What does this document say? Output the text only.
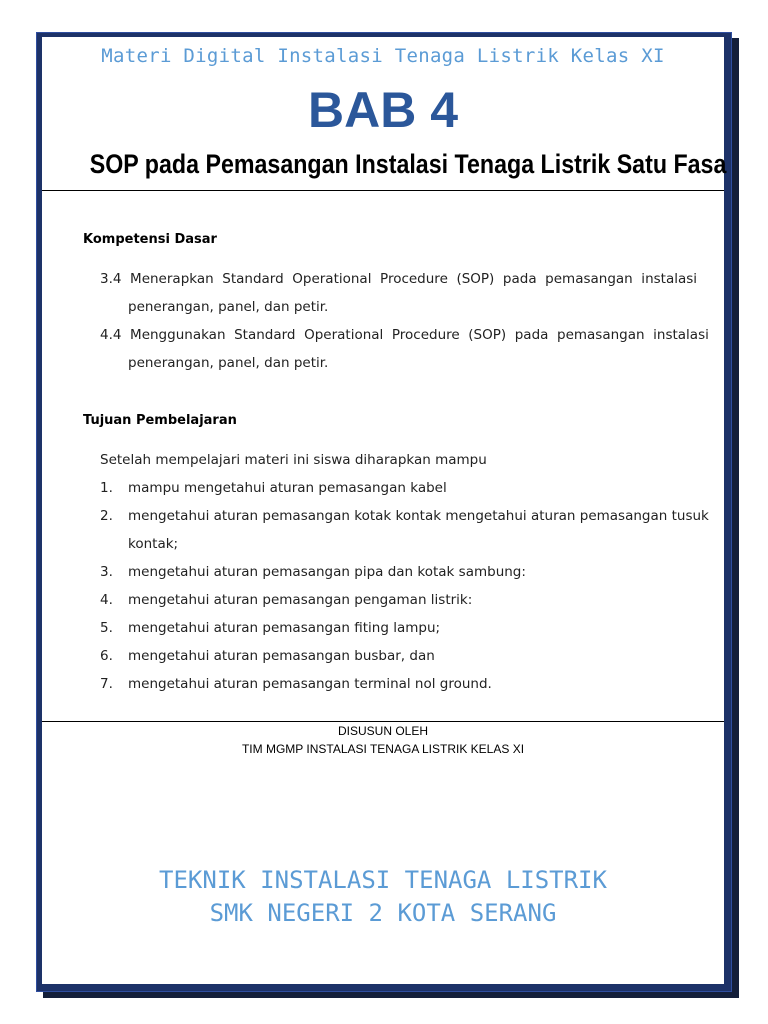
Materi Digital Instalasi Tenaga Listrik Kelas XI
BAB 4
SOP pada Pemasangan Instalasi Tenaga Listrik Satu Fasa
Kompetensi Dasar
3.4  Menerapkan  Standard  Operational  Procedure  (SOP)  pada  pemasangan  instalasi
penerangan, panel, dan petir.
4.4  Menggunakan  Standard  Operational  Procedure  (SOP)  pada  pemasangan  instalasi
penerangan, panel, dan petir.
Tujuan Pembelajaran
Setelah mempelajari materi ini siswa diharapkan mampu
1.	mampu mengetahui aturan pemasangan kabel
2.	mengetahui aturan pemasangan kotak kontak mengetahui aturan pemasangan tusuk kontak;
3.	mengetahui aturan pemasangan pipa dan kotak sambung:
4.	mengetahui aturan pemasangan pengaman listrik:
5.	mengetahui aturan pemasangan fiting lampu;
6.	mengetahui aturan pemasangan busbar, dan
7.	mengetahui aturan pemasangan terminal nol ground.
DISUSUN OLEH
TIM MGMP INSTALASI TENAGA LISTRIK KELAS XI
TEKNIK INSTALASI TENAGA LISTRIK
SMK NEGERI 2 KOTA SERANG
